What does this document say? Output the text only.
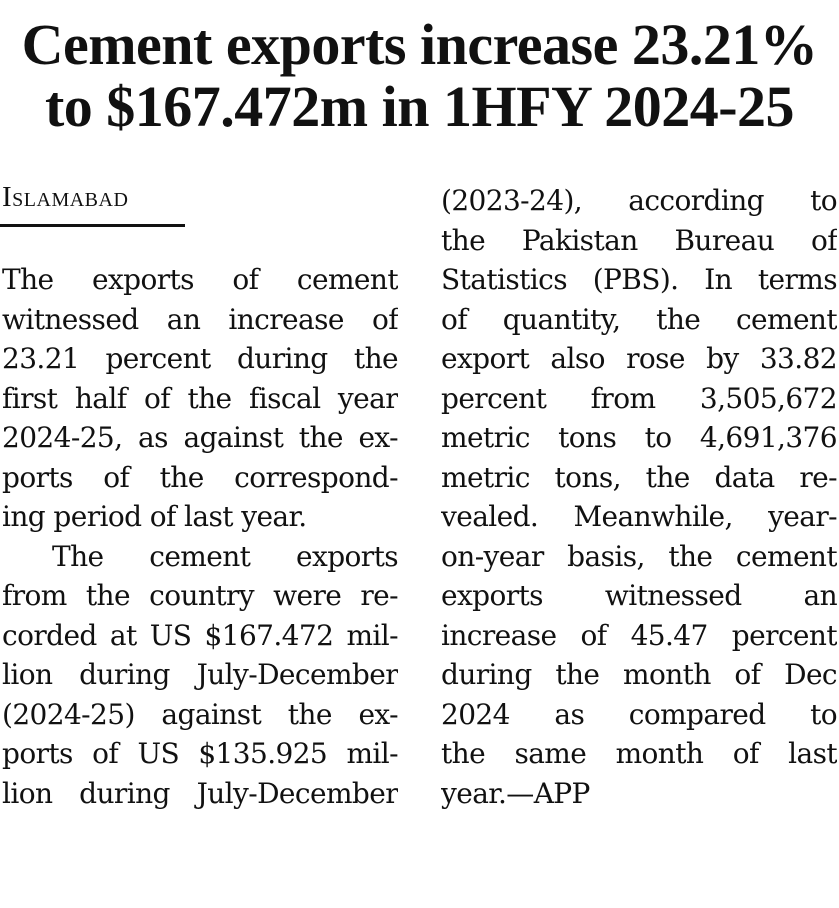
Cement exports increase 23.21%
to $167.472m in 1HFY 2024-25
Islamabad
The exports of cement
witnessed an increase of
23.21 percent during the
first half of the fiscal year
2024-25, as against the ex-
ports of the correspond-
ing period of last year.
The cement exports
from the country were re-
corded at US $167.472 mil-
lion during July-December
(2024-25) against the ex-
ports of US $135.925 mil-
lion during July-December
(2023-24), according to
the Pakistan Bureau of
Statistics (PBS). In terms
of quantity, the cement
export also rose by 33.82
percent from 3,505,672
metric tons to 4,691,376
metric tons, the data re-
vealed. Meanwhile, year-
on-year basis, the cement
exports witnessed an
increase of 45.47 percent
during the month of Dec
2024 as compared to
the same month of last
year.—APP
